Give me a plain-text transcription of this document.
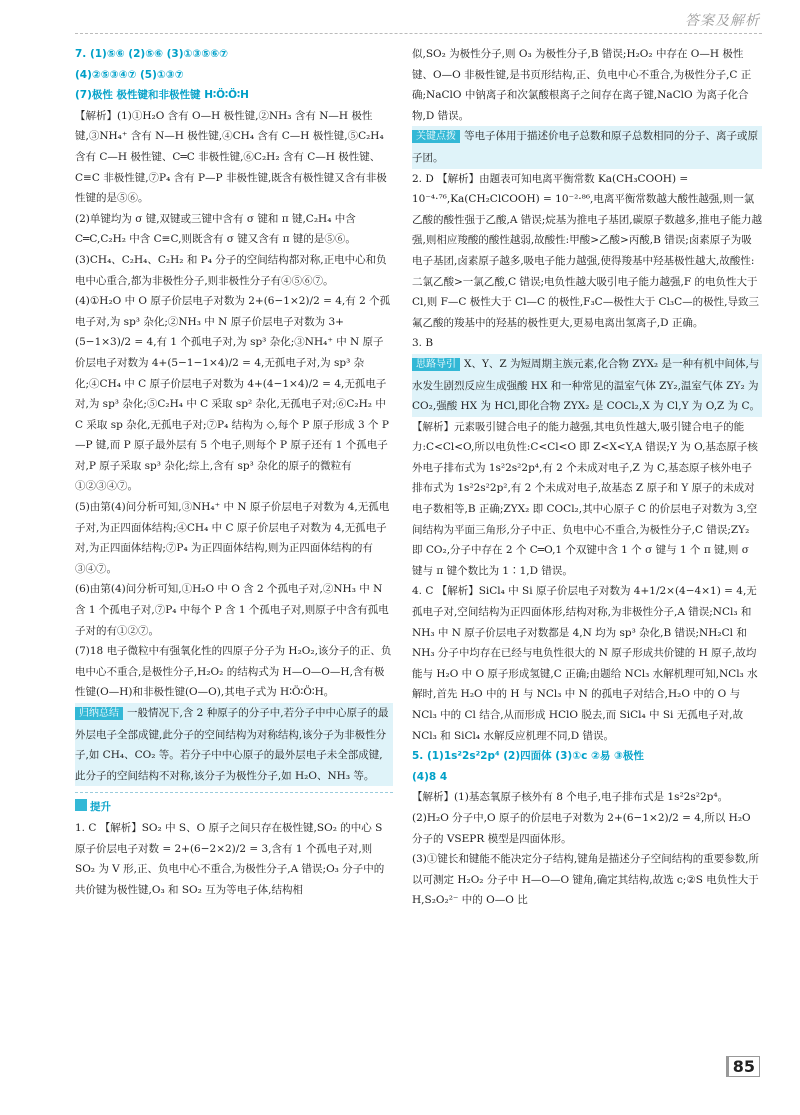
答案及解析

7. (1)⑤⑥ (2)⑤⑥ (3)①③⑤⑥⑦

(4)②⑤③④⑦ (5)①③⑦

(7)极性 极性键和非极性键 H∶Ö∶Ö∶H

【解析】(1)①H₂O 含有 O—H 极性键,②NH₃ 含有 N—H 极性键,③NH₄⁺ 含有 N—H 极性键,④CH₄ 含有 C—H 极性键,⑤C₂H₄ 含有 C—H 极性键、C═C 非极性键,⑥C₂H₂ 含有 C—H 极性键、C≡C 非极性键,⑦P₄ 含有 P—P 非极性键,既含有极性键又含有非极性键的是⑤⑥。

(2)单键均为 σ 键,双键或三键中含有 σ 键和 π 键,C₂H₄ 中含 C═C,C₂H₂ 中含 C≡C,则既含有 σ 键又含有 π 键的是⑤⑥。

(3)CH₄、C₂H₄、C₂H₂ 和 P₄ 分子的空间结构都对称,正电中心和负电中心重合,都为非极性分子,则非极性分子有④⑤⑥⑦。

(4)①H₂O 中 O 原子价层电子对数为 2+(6−1×2)/2 = 4,有 2 个孤电子对,为 sp³ 杂化;②NH₃ 中 N 原子价层电子对数为 3+(5−1×3)/2 = 4,有 1 个孤电子对,为 sp³ 杂化;③NH₄⁺ 中 N 原子价层电子对数为 4+(5−1−1×4)/2 = 4,无孤电子对,为 sp³ 杂化;④CH₄ 中 C 原子价层电子对数为 4+(4−1×4)/2 = 4,无孤电子对,为 sp³ 杂化;⑤C₂H₄ 中 C 采取 sp² 杂化,无孤电子对;⑥C₂H₂ 中 C 采取 sp 杂化,无孤电子对;⑦P₄ 结构为 ◇,每个 P 原子形成 3 个 P—P 键,而 P 原子最外层有 5 个电子,则每个 P 原子还有 1 个孤电子对,P 原子采取 sp³ 杂化;综上,含有 sp³ 杂化的原子的微粒有①②③④⑦。

(5)由第(4)问分析可知,③NH₄⁺ 中 N 原子价层电子对数为 4,无孤电子对,为正四面体结构;④CH₄ 中 C 原子价层电子对数为 4,无孤电子对,为正四面体结构;⑦P₄ 为正四面体结构,则为正四面体结构的有③④⑦。

(6)由第(4)问分析可知,①H₂O 中 O 含 2 个孤电子对,②NH₃ 中 N 含 1 个孤电子对,⑦P₄ 中每个 P 含 1 个孤电子对,则原子中含有孤电子对的有①②⑦。

(7)18 电子微粒中有强氧化性的四原子分子为 H₂O₂,该分子的正、负电中心不重合,是极性分子,H₂O₂ 的结构式为 H—O—O—H,含有极性键(O—H)和非极性键(O—O),其电子式为 H∶Ö∶Ö∶H。

归纳总结 一般情况下,含 2 种原子的分子中,若分子中中心原子的最外层电子全部成键,此分子的空间结构为对称结构,该分子为非极性分子,如 CH₄、CO₂ 等。若分子中中心原子的最外层电子未全部成键,此分子的空间结构不对称,该分子为极性分子,如 H₂O、NH₃ 等。

提升

1. C 【解析】SO₂ 中 S、O 原子之间只存在极性键,SO₂ 的中心 S 原子价层电子对数 = 2+(6−2×2)/2 = 3,含有 1 个孤电子对,则 SO₂ 为 V 形,正、负电中心不重合,为极性分子,A 错误;O₃ 分子中的共价键为极性键,O₃ 和 SO₂ 互为等电子体,结构相

似,SO₂ 为极性分子,则 O₃ 为极性分子,B 错误;H₂O₂ 中存在 O—H 极性键、O—O 非极性键,是书页形结构,正、负电中心不重合,为极性分子,C 正确;NaClO 中钠离子和次氯酸根离子之间存在离子键,NaClO 为离子化合物,D 错误。

关键点拨 等电子体用于描述价电子总数和原子总数相同的分子、离子或原子团。

2. D 【解析】由题表可知电离平衡常数 Ka(CH₃COOH) = 10⁻⁴·⁷⁶,Ka(CH₂ClCOOH) = 10⁻²·⁸⁶,电离平衡常数越大酸性越强,则一氯乙酸的酸性强于乙酸,A 错误;烷基为推电子基团,碳原子数越多,推电子能力越强,则相应羧酸的酸性越弱,故酸性:甲酸>乙酸>丙酸,B 错误;卤素原子为吸电子基团,卤素原子越多,吸电子能力越强,使得羧基中羟基极性越大,故酸性:二氯乙酸>一氯乙酸,C 错误;电负性越大吸引电子能力越强,F 的电负性大于 Cl,则 F—C 极性大于 Cl—C 的极性,F₃C—极性大于 Cl₃C—的极性,导致三氟乙酸的羧基中的羟基的极性更大,更易电离出氢离子,D 正确。

3. B

思路导引 X、Y、Z 为短周期主族元素,化合物 ZYX₂ 是一种有机中间体,与水发生剧烈反应生成强酸 HX 和一种常见的温室气体 ZY₂,温室气体 ZY₂ 为 CO₂,强酸 HX 为 HCl,即化合物 ZYX₂ 是 COCl₂,X 为 Cl,Y 为 O,Z 为 C。

【解析】元素吸引键合电子的能力越强,其电负性越大,吸引键合电子的能力:C<Cl<O,所以电负性:C<Cl<O 即 Z<X<Y,A 错误;Y 为 O,基态原子核外电子排布式为 1s²2s²2p⁴,有 2 个未成对电子,Z 为 C,基态原子核外电子排布式为 1s²2s²2p²,有 2 个未成对电子,故基态 Z 原子和 Y 原子的未成对电子数相等,B 正确;ZYX₂ 即 COCl₂,其中心原子 C 的价层电子对数为 3,空间结构为平面三角形,分子中正、负电中心不重合,为极性分子,C 错误;ZY₂ 即 CO₂,分子中存在 2 个 C═O,1 个双键中含 1 个 σ 键与 1 个 π 键,则 σ 键与 π 键个数比为 1∶1,D 错误。

4. C 【解析】SiCl₄ 中 Si 原子价层电子对数为 4+1/2×(4−4×1) = 4,无孤电子对,空间结构为正四面体形,结构对称,为非极性分子,A 错误;NCl₃ 和 NH₃ 中 N 原子价层电子对数都是 4,N 均为 sp³ 杂化,B 错误;NH₂Cl 和 NH₃ 分子中均存在已经与电负性很大的 N 原子形成共价键的 H 原子,故均能与 H₂O 中 O 原子形成氢键,C 正确;由题给 NCl₃ 水解机理可知,NCl₃ 水解时,首先 H₂O 中的 H 与 NCl₃ 中 N 的孤电子对结合,H₂O 中的 O 与 NCl₃ 中的 Cl 结合,从而形成 HClO 脱去,而 SiCl₄ 中 Si 无孤电子对,故 NCl₃ 和 SiCl₄ 水解反应机理不同,D 错误。

5. (1)1s²2s²2p⁴ (2)四面体 (3)①c ②易 ③极性

(4)8 4

【解析】(1)基态氧原子核外有 8 个电子,电子排布式是 1s²2s²2p⁴。

(2)H₂O 分子中,O 原子的价层电子对数为 2+(6−1×2)/2 = 4,所以 H₂O 分子的 VSEPR 模型是四面体形。

(3)①键长和键能不能决定分子结构,键角是描述分子空间结构的重要参数,所以可测定 H₂O₂ 分子中 H—O—O 键角,确定其结构,故选 c;②S 电负性大于 H,S₂O₂²⁻ 中的 O—O 比

85
